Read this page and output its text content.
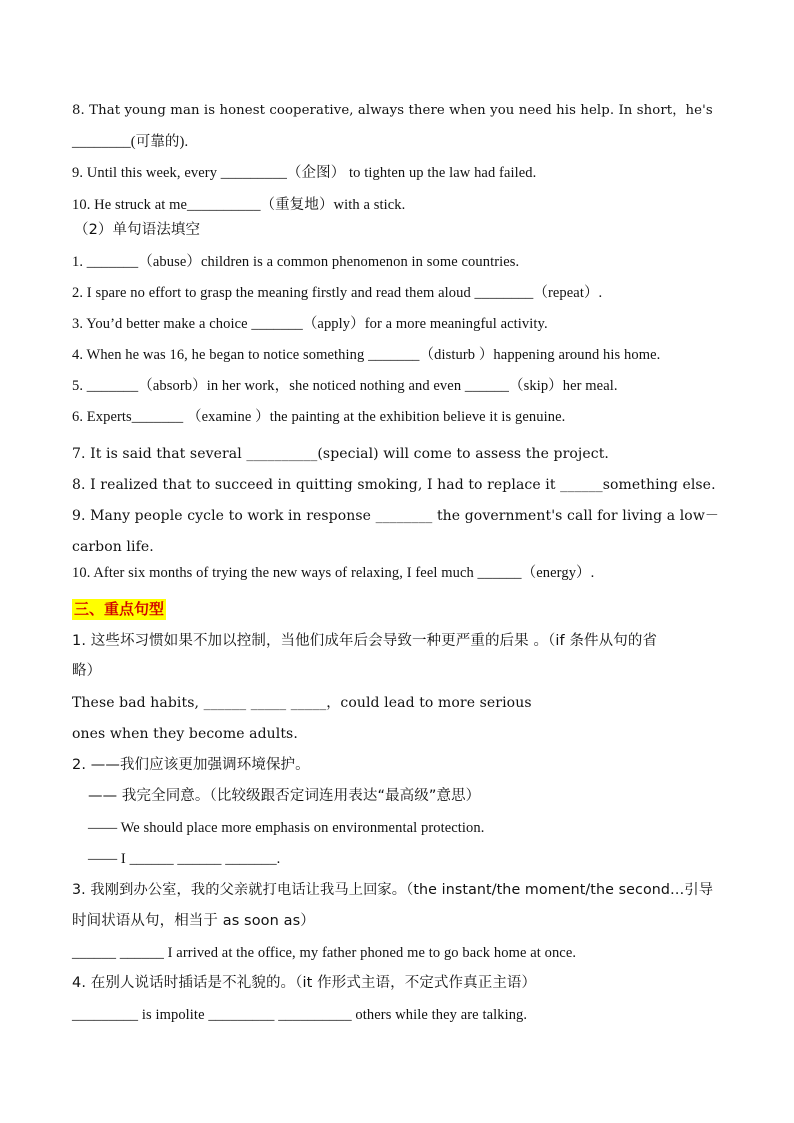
8. That young man is honest cooperative, always there when you need his help. In short，he's
________(可靠的).
9. Until this week, every _________（企图） to tighten up the law had failed.
10. He struck at me__________（重复地）with a stick.
（2）单句语法填空
1. _______（abuse）children is a common phenomenon in some countries.
2. I spare no effort to grasp the meaning firstly and read them aloud ________（repeat）.
3. You’d better make a choice _______（apply）for a more meaningful activity.
4. When he was 16, he began to notice something _______（disturb ）happening around his home.
5. _______（absorb）in her work，she noticed nothing and even ______（skip）her meal.
6. Experts_______ （examine ）the painting at the exhibition believe it is genuine.
7. It is said that several __________(special) will come to assess the project.
8. I realized that to succeed in quitting smoking, I had to replace it ______something else.
9. Many people cycle to work in response ________ the government's call for living a low－
carbon life.
10. After six months of trying the new ways of relaxing, I feel much ______（energy）.
三、重点句型
1. 这些坏习惯如果不加以控制，当他们成年后会导致一种更严重的后果 。（if 条件从句的省
略）
These bad habits, ______ _____ _____，could lead to more serious
ones when they become adults.
2. ——我们应该更加强调环境保护。
—— 我完全同意。（比较级跟否定词连用表达“最高级”意思）
—— We should place more emphasis on environmental protection.
—— I ______ ______ _______.
3. 我刚到办公室，我的父亲就打电话让我马上回家。（the instant/the moment/the second…引导
时间状语从句，相当于 as soon as）
______ ______ I arrived at the office, my father phoned me to go back home at once.
4. 在别人说话时插话是不礼貌的。（it 作形式主语，不定式作真正主语）
_________ is impolite _________ __________ others while they are talking.
